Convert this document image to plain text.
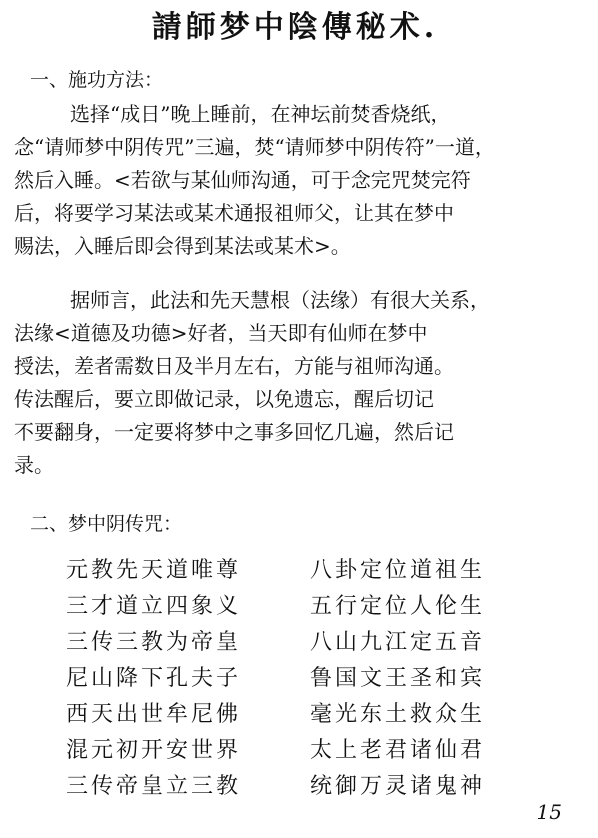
請師梦中陰傳秘术.
一、施功方法：
选择“成日”晚上睡前，在神坛前焚香烧纸，
念“请师梦中阴传咒”三遍，焚“请师梦中阴传符”一道，
然后入睡。<若欲与某仙师沟通，可于念完咒焚完符
后，将要学习某法或某术通报祖师父，让其在梦中
赐法，入睡后即会得到某法或某术>。
据师言，此法和先天慧根（法缘）有很大关系，
法缘<道德及功德>好者，当天即有仙师在梦中
授法，差者需数日及半月左右，方能与祖师沟通。
传法醒后，要立即做记录，以免遗忘，醒后切记
不要翻身，一定要将梦中之事多回忆几遍，然后记
录。
二、梦中阴传咒：
元教先天道唯尊	八卦定位道祖生
三才道立四象义	五行定位人伦生
三传三教为帝皇	八山九江定五音
尼山降下孔夫子	鲁国文王圣和宾
西天出世牟尼佛	毫光东土救众生
混元初开安世界	太上老君诸仙君
三传帝皇立三教	统御万灵诸鬼神
15
